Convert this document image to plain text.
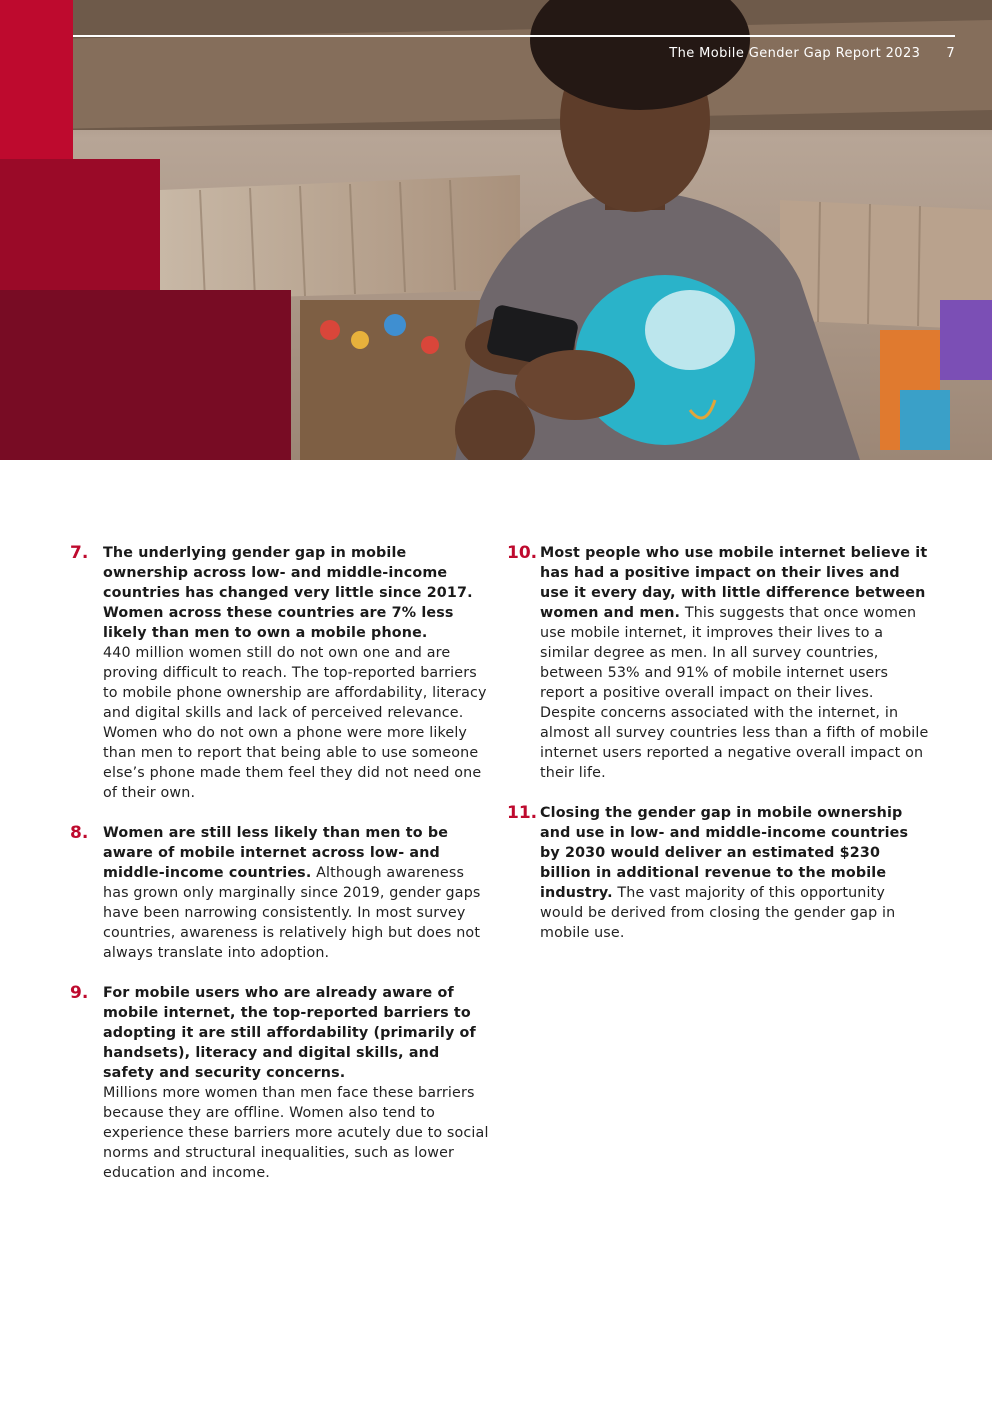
The Mobile Gender Gap Report 2023 7
7. The underlying gender gap in mobile ownership across low- and middle-income countries has changed very little since 2017. Women across these countries are 7% less likely than men to own a mobile phone.
440 million women still do not own one and are proving difficult to reach. The top-reported barriers to mobile phone ownership are affordability, literacy and digital skills and lack of perceived relevance. Women who do not own a phone were more likely than men to report that being able to use someone else’s phone made them feel they did not need one of their own.
8. Women are still less likely than men to be aware of mobile internet across low- and middle-income countries. Although awareness has grown only marginally since 2019, gender gaps have been narrowing consistently. In most survey countries, awareness is relatively high but does not always translate into adoption.
9. For mobile users who are already aware of mobile internet, the top-reported barriers to adopting it are still affordability (primarily of handsets), literacy and digital skills, and safety and security concerns.
Millions more women than men face these barriers because they are offline. Women also tend to experience these barriers more acutely due to social norms and structural inequalities, such as lower education and income.
10. Most people who use mobile internet believe it has had a positive impact on their lives and use it every day, with little difference between women and men. This suggests that once women use mobile internet, it improves their lives to a similar degree as men. In all survey countries, between 53% and 91% of mobile internet users report a positive overall impact on their lives. Despite concerns associated with the internet, in almost all survey countries less than a fifth of mobile internet users reported a negative overall impact on their life.
11. Closing the gender gap in mobile ownership and use in low- and middle-income countries by 2030 would deliver an estimated $230 billion in additional revenue to the mobile industry. The vast majority of this opportunity would be derived from closing the gender gap in mobile use.
